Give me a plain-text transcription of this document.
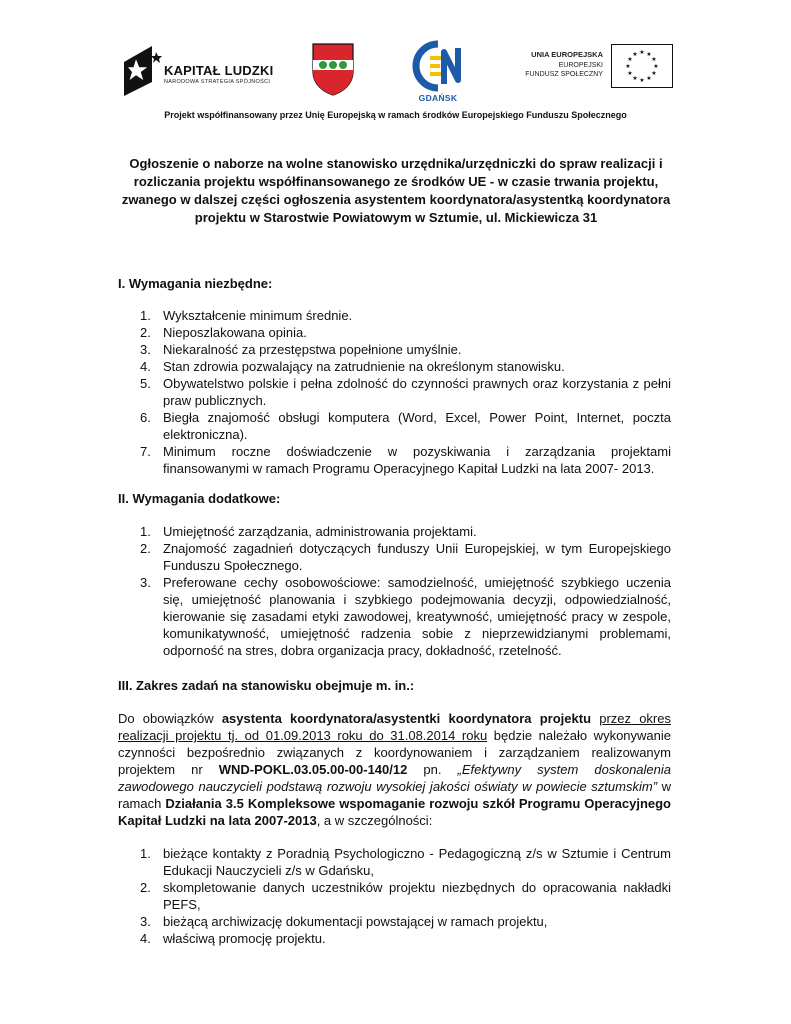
KAPITAŁ LUDZKI
NARODOWA STRATEGIA SPÓJNOŚCI
GDAŃSK
UNIA EUROPEJSKA
EUROPEJSKI
FUNDUSZ SPOŁECZNY
★ ★
★
★
★
★
★
★
★
★
★
★
Projekt współfinansowany przez Unię Europejską w ramach środków Europejskiego Funduszu Społecznego
Ogłoszenie o naborze na wolne stanowisko urzędnika/urzędniczki do spraw realizacji i rozliczania projektu współfinansowanego ze środków UE - w czasie trwania projektu, zwanego w dalszej części ogłoszenia asystentem koordynatora/asystentką koordynatora projektu w Starostwie Powiatowym w Sztumie, ul. Mickiewicza 31
I. Wymagania niezbędne:
1. Wykształcenie minimum średnie.
2. Nieposzlakowana opinia.
3. Niekaralność za przestępstwa popełnione umyślnie.
4. Stan zdrowia pozwalający na zatrudnienie na określonym stanowisku.
5. Obywatelstwo polskie i pełna zdolność do czynności prawnych oraz korzystania z pełni praw publicznych.
6. Biegła znajomość obsługi komputera (Word, Excel, Power Point, Internet, poczta elektroniczna).
7. Minimum roczne doświadczenie w pozyskiwania i zarządzania projektami finansowanymi w ramach Programu Operacyjnego Kapitał Ludzki na lata 2007- 2013.
II. Wymagania dodatkowe:
1. Umiejętność zarządzania, administrowania projektami.
2. Znajomość zagadnień dotyczących funduszy Unii Europejskiej, w tym Europejskiego Funduszu Społecznego.
3. Preferowane cechy osobowościowe: samodzielność, umiejętność szybkiego uczenia się, umiejętność planowania i szybkiego podejmowania decyzji, odpowiedzialność, kierowanie się zasadami etyki zawodowej, kreatywność, umiejętność pracy w zespole, komunikatywność, umiejętność radzenia sobie z nieprzewidzianymi problemami, odporność na stres, dobra organizacja pracy, dokładność, rzetelność.
III. Zakres zadań na stanowisku obejmuje m. in.:

Do obowiązków asystenta koordynatora/asystentki koordynatora projektu przez okres realizacji projektu tj. od 01.09.2013 roku do 31.08.2014 roku będzie należało wykonywanie czynności bezpośrednio związanych z koordynowaniem i zarządzaniem realizowanym projektem nr WND-POKL.03.05.00-00-140/12 pn. „Efektywny system doskonalenia zawodowego nauczycieli podstawą rozwoju wysokiej jakości oświaty w powiecie sztumskim” w ramach Działania 3.5 Kompleksowe wspomaganie rozwoju szkół Programu Operacyjnego Kapitał Ludzki na lata 2007-2013, a w szczególności:

1. bieżące kontakty z Poradnią Psychologiczno - Pedagogiczną z/s w Sztumie i Centrum Edukacji Nauczycieli z/s w Gdańsku,
2. skompletowanie danych uczestników projektu niezbędnych do opracowania nakładki PEFS,
3. bieżącą archiwizację dokumentacji powstającej w ramach projektu,
4. właściwą promocję projektu.
